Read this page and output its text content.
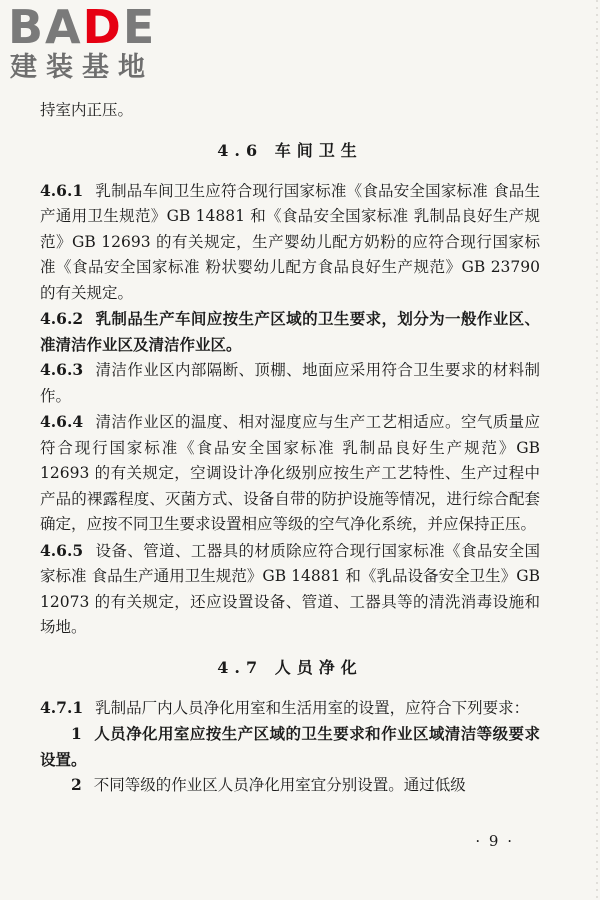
BADE
建装基地

持室内正压。

4.6 车间卫生

4.6.1 乳制品车间卫生应符合现行国家标准《食品安全国家标准 食品生产通用卫生规范》GB 14881 和《食品安全国家标准 乳制品良好生产规范》GB 12693 的有关规定，生产婴幼儿配方奶粉的应符合现行国家标准《食品安全国家标准 粉状婴幼儿配方食品良好生产规范》GB 23790 的有关规定。

4.6.2 乳制品生产车间应按生产区域的卫生要求，划分为一般作业区、准清洁作业区及清洁作业区。

4.6.3 清洁作业区内部隔断、顶棚、地面应采用符合卫生要求的材料制作。

4.6.4 清洁作业区的温度、相对湿度应与生产工艺相适应。空气质量应符合现行国家标准《食品安全国家标准 乳制品良好生产规范》GB 12693 的有关规定，空调设计净化级别应按生产工艺特性、生产过程中产品的裸露程度、灭菌方式、设备自带的防护设施等情况，进行综合配套确定，应按不同卫生要求设置相应等级的空气净化系统，并应保持正压。

4.6.5 设备、管道、工器具的材质除应符合现行国家标准《食品安全国家标准 食品生产通用卫生规范》GB 14881 和《乳品设备安全卫生》GB 12073 的有关规定，还应设置设备、管道、工器具等的清洗消毒设施和场地。

4.7 人员净化

4.7.1 乳制品厂内人员净化用室和生活用室的设置，应符合下列要求：

1 人员净化用室应按生产区域的卫生要求和作业区域清洁等级要求设置。

2 不同等级的作业区人员净化用室宜分别设置。通过低级

· 9 ·
